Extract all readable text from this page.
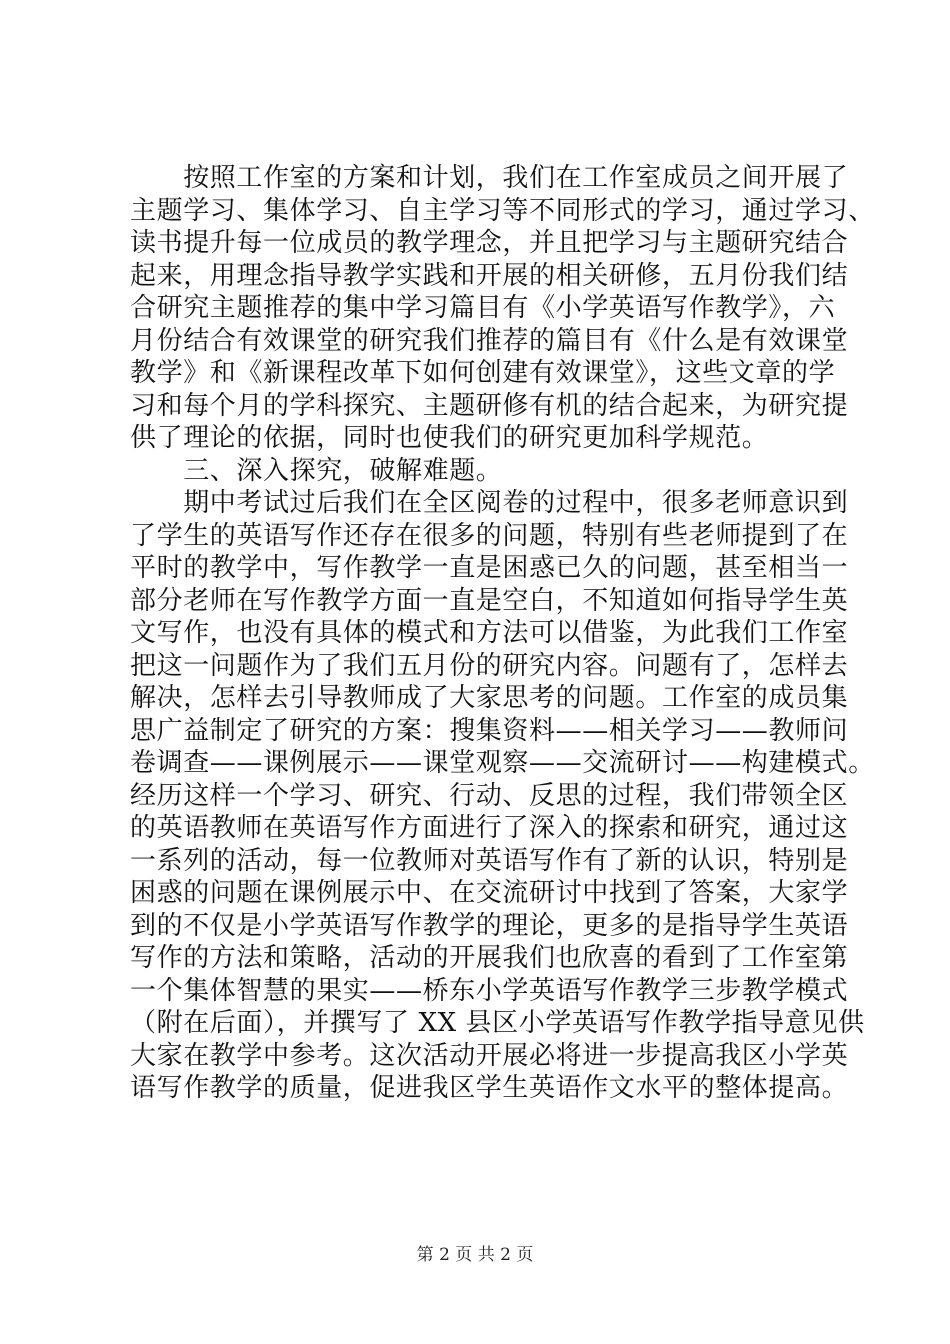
　　按照工作室的方案和计划，我们在工作室成员之间开展了
主题学习、集体学习、自主学习等不同形式的学习，通过学习、
读书提升每一位成员的教学理念，并且把学习与主题研究结合
起来，用理念指导教学实践和开展的相关研修，五月份我们结
合研究主题推荐的集中学习篇目有《小学英语写作教学》，六
月份结合有效课堂的研究我们推荐的篇目有《什么是有效课堂
教学》和《新课程改革下如何创建有效课堂》，这些文章的学
习和每个月的学科探究、主题研修有机的结合起来，为研究提
供了理论的依据，同时也使我们的研究更加科学规范。
　　三、深入探究，破解难题。
　　期中考试过后我们在全区阅卷的过程中，很多老师意识到
了学生的英语写作还存在很多的问题，特别有些老师提到了在
平时的教学中，写作教学一直是困惑已久的问题，甚至相当一
部分老师在写作教学方面一直是空白，不知道如何指导学生英
文写作，也没有具体的模式和方法可以借鉴，为此我们工作室
把这一问题作为了我们五月份的研究内容。问题有了，怎样去
解决，怎样去引导教师成了大家思考的问题。工作室的成员集
思广益制定了研究的方案：搜集资料——相关学习——教师问
卷调查——课例展示——课堂观察——交流研讨——构建模式。
经历这样一个学习、研究、行动、反思的过程，我们带领全区
的英语教师在英语写作方面进行了深入的探索和研究，通过这
一系列的活动，每一位教师对英语写作有了新的认识，特别是
困惑的问题在课例展示中、在交流研讨中找到了答案，大家学
到的不仅是小学英语写作教学的理论，更多的是指导学生英语
写作的方法和策略，活动的开展我们也欣喜的看到了工作室第
一个集体智慧的果实——桥东小学英语写作教学三步教学模式
（附在后面），并撰写了 XX 县区小学英语写作教学指导意见供
大家在教学中参考。这次活动开展必将进一步提高我区小学英
语写作教学的质量，促进我区学生英语作文水平的整体提高。
第 2 页 共 2 页
